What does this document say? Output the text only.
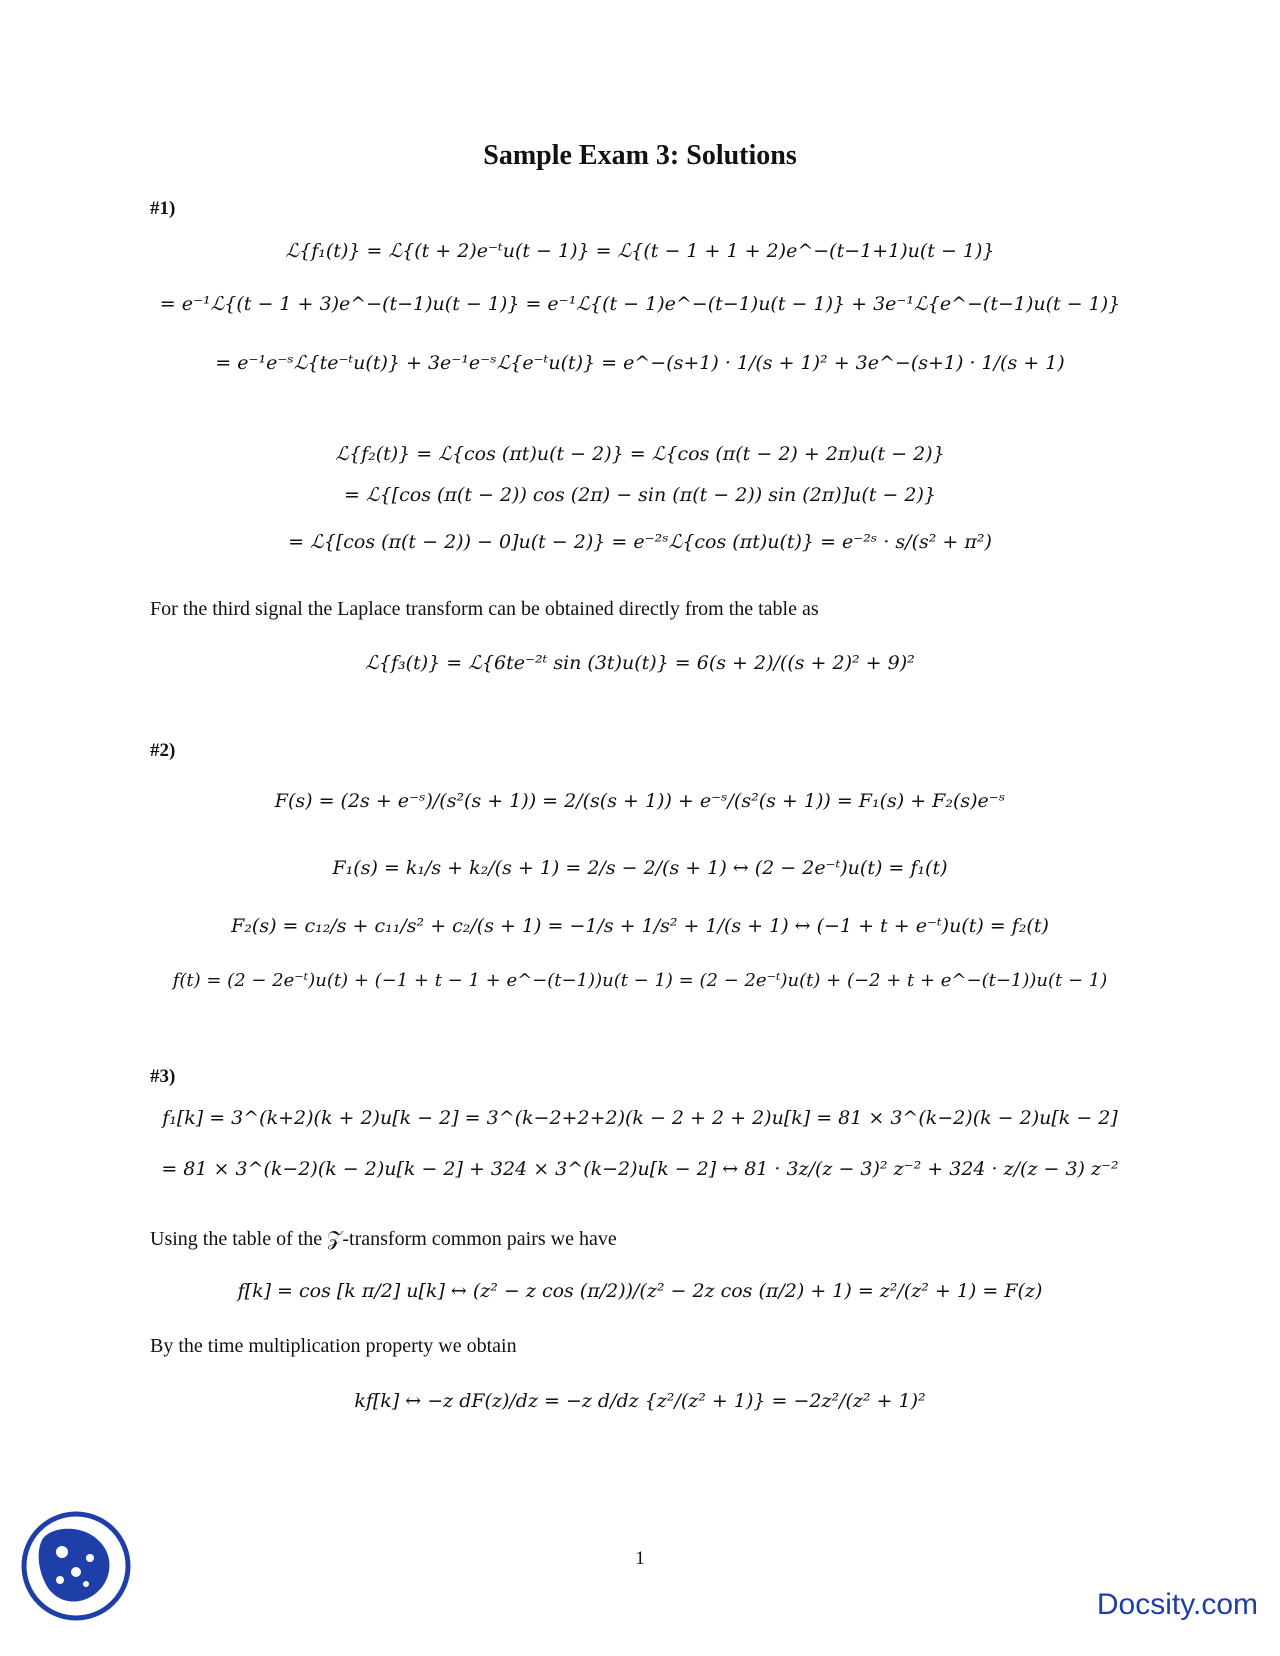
Sample Exam 3: Solutions
#1)
ℒ{f₁(t)} = ℒ{(t + 2)e⁻ᵗu(t − 1)} = ℒ{(t − 1 + 1 + 2)e^−(t−1+1)u(t − 1)}
= e⁻¹ℒ{(t − 1 + 3)e^−(t−1)u(t − 1)} = e⁻¹ℒ{(t − 1)e^−(t−1)u(t − 1)} + 3e⁻¹ℒ{e^−(t−1)u(t − 1)}
= e⁻¹e⁻ˢℒ{te⁻ᵗu(t)} + 3e⁻¹e⁻ˢℒ{e⁻ᵗu(t)} = e^−(s+1) · 1/(s + 1)² + 3e^−(s+1) · 1/(s + 1)
ℒ{f₂(t)} = ℒ{cos (πt)u(t − 2)} = ℒ{cos (π(t − 2) + 2π)u(t − 2)}
= ℒ{[cos (π(t − 2)) cos (2π) − sin (π(t − 2)) sin (2π)]u(t − 2)}
= ℒ{[cos (π(t − 2)) − 0]u(t − 2)} = e⁻²ˢℒ{cos (πt)u(t)} = e⁻²ˢ · s/(s² + π²)
For the third signal the Laplace transform can be obtained directly from the table as
ℒ{f₃(t)} = ℒ{6te⁻²ᵗ sin (3t)u(t)} = 6(s + 2)/((s + 2)² + 9)²
#2)
F(s) = (2s + e⁻ˢ)/(s²(s + 1)) = 2/(s(s + 1)) + e⁻ˢ/(s²(s + 1)) = F₁(s) + F₂(s)e⁻ˢ
F₁(s) = k₁/s + k₂/(s + 1) = 2/s − 2/(s + 1) ↔ (2 − 2e⁻ᵗ)u(t) = f₁(t)
F₂(s) = c₁₂/s + c₁₁/s² + c₂/(s + 1) = −1/s + 1/s² + 1/(s + 1) ↔ (−1 + t + e⁻ᵗ)u(t) = f₂(t)
f(t) = (2 − 2e⁻ᵗ)u(t) + (−1 + t − 1 + e^−(t−1))u(t − 1) = (2 − 2e⁻ᵗ)u(t) + (−2 + t + e^−(t−1))u(t − 1)
#3)
f₁[k] = 3^(k+2)(k + 2)u[k − 2] = 3^(k−2+2+2)(k − 2 + 2 + 2)u[k] = 81 × 3^(k−2)(k − 2)u[k − 2]
= 81 × 3^(k−2)(k − 2)u[k − 2] + 324 × 3^(k−2)u[k − 2] ↔ 81 · 3z/(z − 3)² z⁻² + 324 · z/(z − 3) z⁻²
Using the table of the 𝒵-transform common pairs we have
f[k] = cos [k π/2] u[k] ↔ (z² − z cos (π/2))/(z² − 2z cos (π/2) + 1) = z²/(z² + 1) = F(z)
By the time multiplication property we obtain
kf[k] ↔ −z dF(z)/dz = −z d/dz {z²/(z² + 1)} = −2z²/(z² + 1)²
1
Docsity.com
